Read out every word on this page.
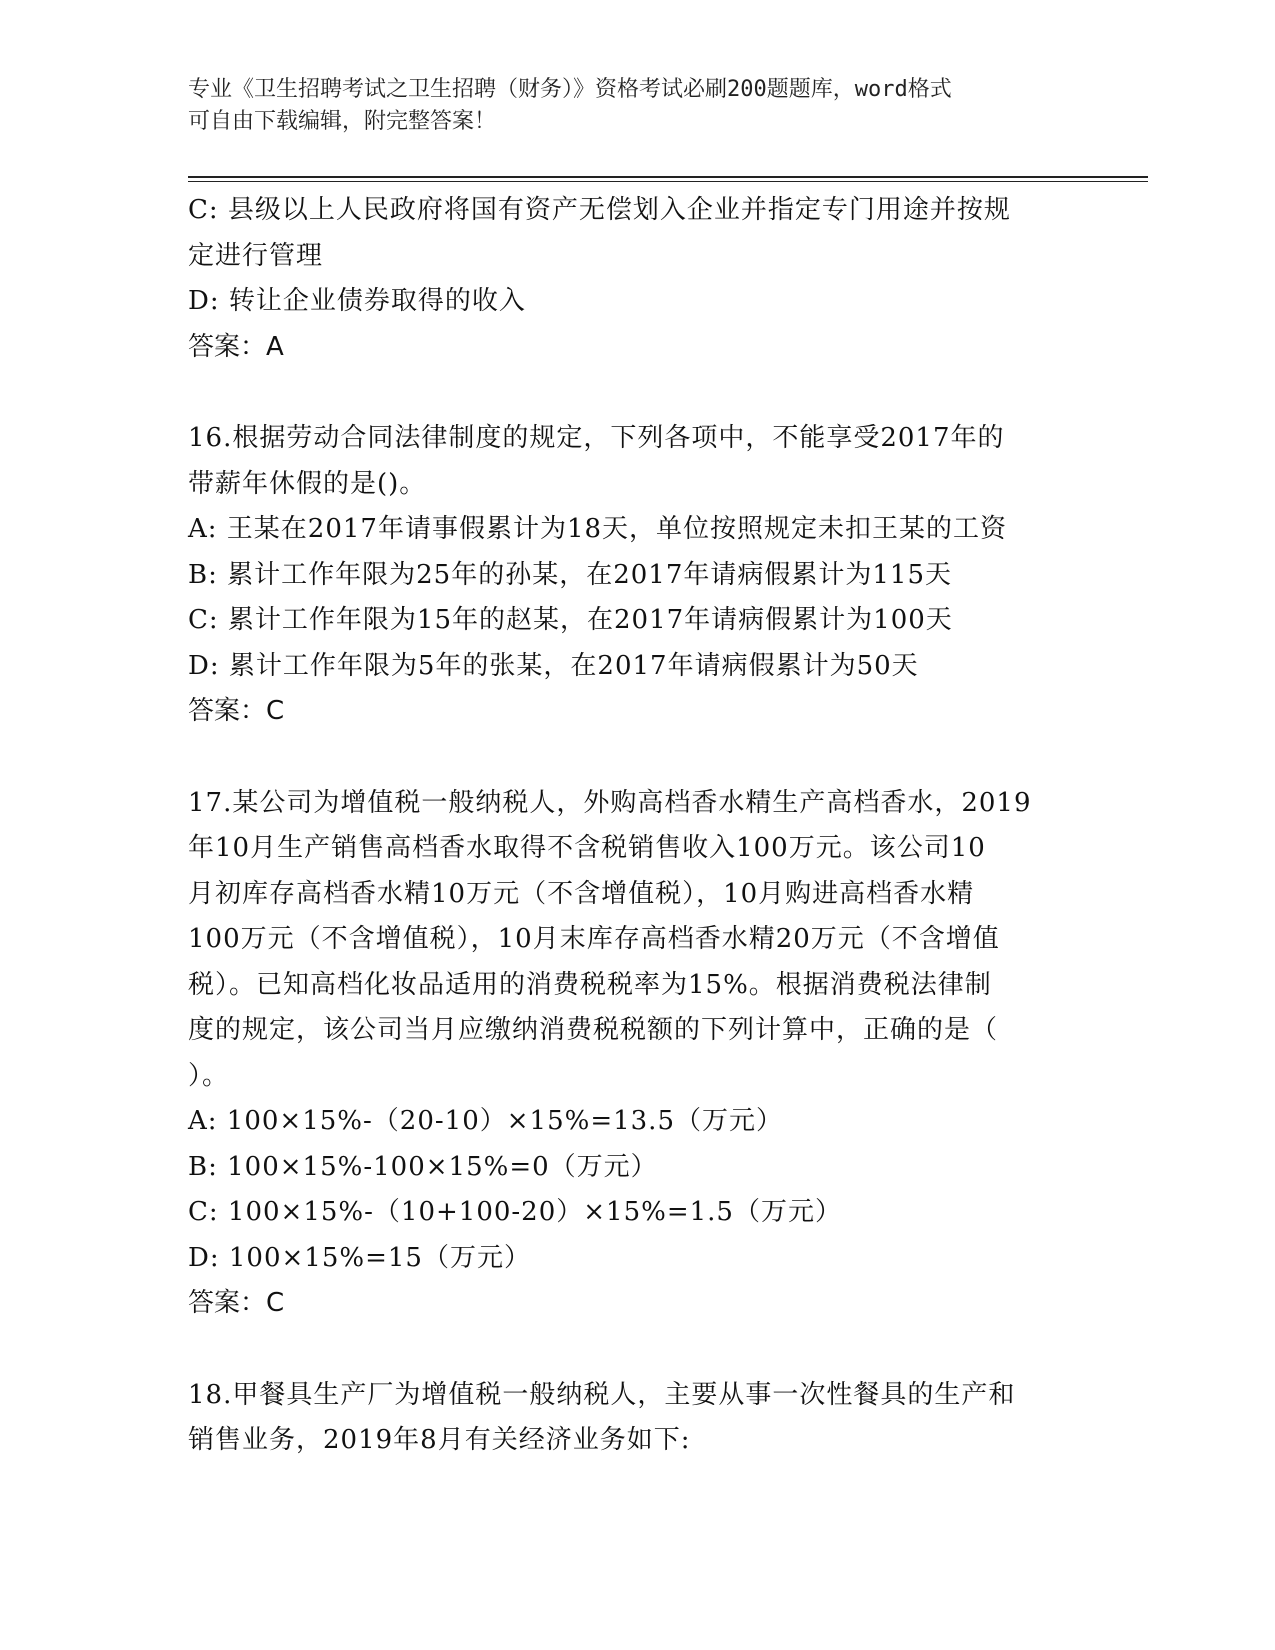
专业《卫生招聘考试之卫生招聘（财务）》资格考试必刷200题题库，word格式
可自由下载编辑，附完整答案！
C: 县级以上人民政府将国有资产无偿划入企业并指定专门用途并按规
定进行管理
D: 转让企业债券取得的收入
答案：A
16.根据劳动合同法律制度的规定，下列各项中，不能享受2017年的
带薪年休假的是()。
A: 王某在2017年请事假累计为18天，单位按照规定未扣王某的工资
B: 累计工作年限为25年的孙某，在2017年请病假累计为115天
C: 累计工作年限为15年的赵某，在2017年请病假累计为100天
D: 累计工作年限为5年的张某，在2017年请病假累计为50天
答案：C
17.某公司为增值税一般纳税人，外购高档香水精生产高档香水，2019
年10月生产销售高档香水取得不含税销售收入100万元。该公司10
月初库存高档香水精10万元（不含增值税），10月购进高档香水精
100万元（不含增值税），10月末库存高档香水精20万元（不含增值
税）。已知高档化妆品适用的消费税税率为15%。根据消费税法律制
度的规定，该公司当月应缴纳消费税税额的下列计算中，正确的是（
）。
A: 100×15%-（20-10）×15%=13.5（万元）
B: 100×15%-100×15%=0（万元）
C: 100×15%-（10+100-20）×15%=1.5（万元）
D: 100×15%=15（万元）
答案：C
18.甲餐具生产厂为增值税一般纳税人，主要从事一次性餐具的生产和
销售业务，2019年8月有关经济业务如下:
